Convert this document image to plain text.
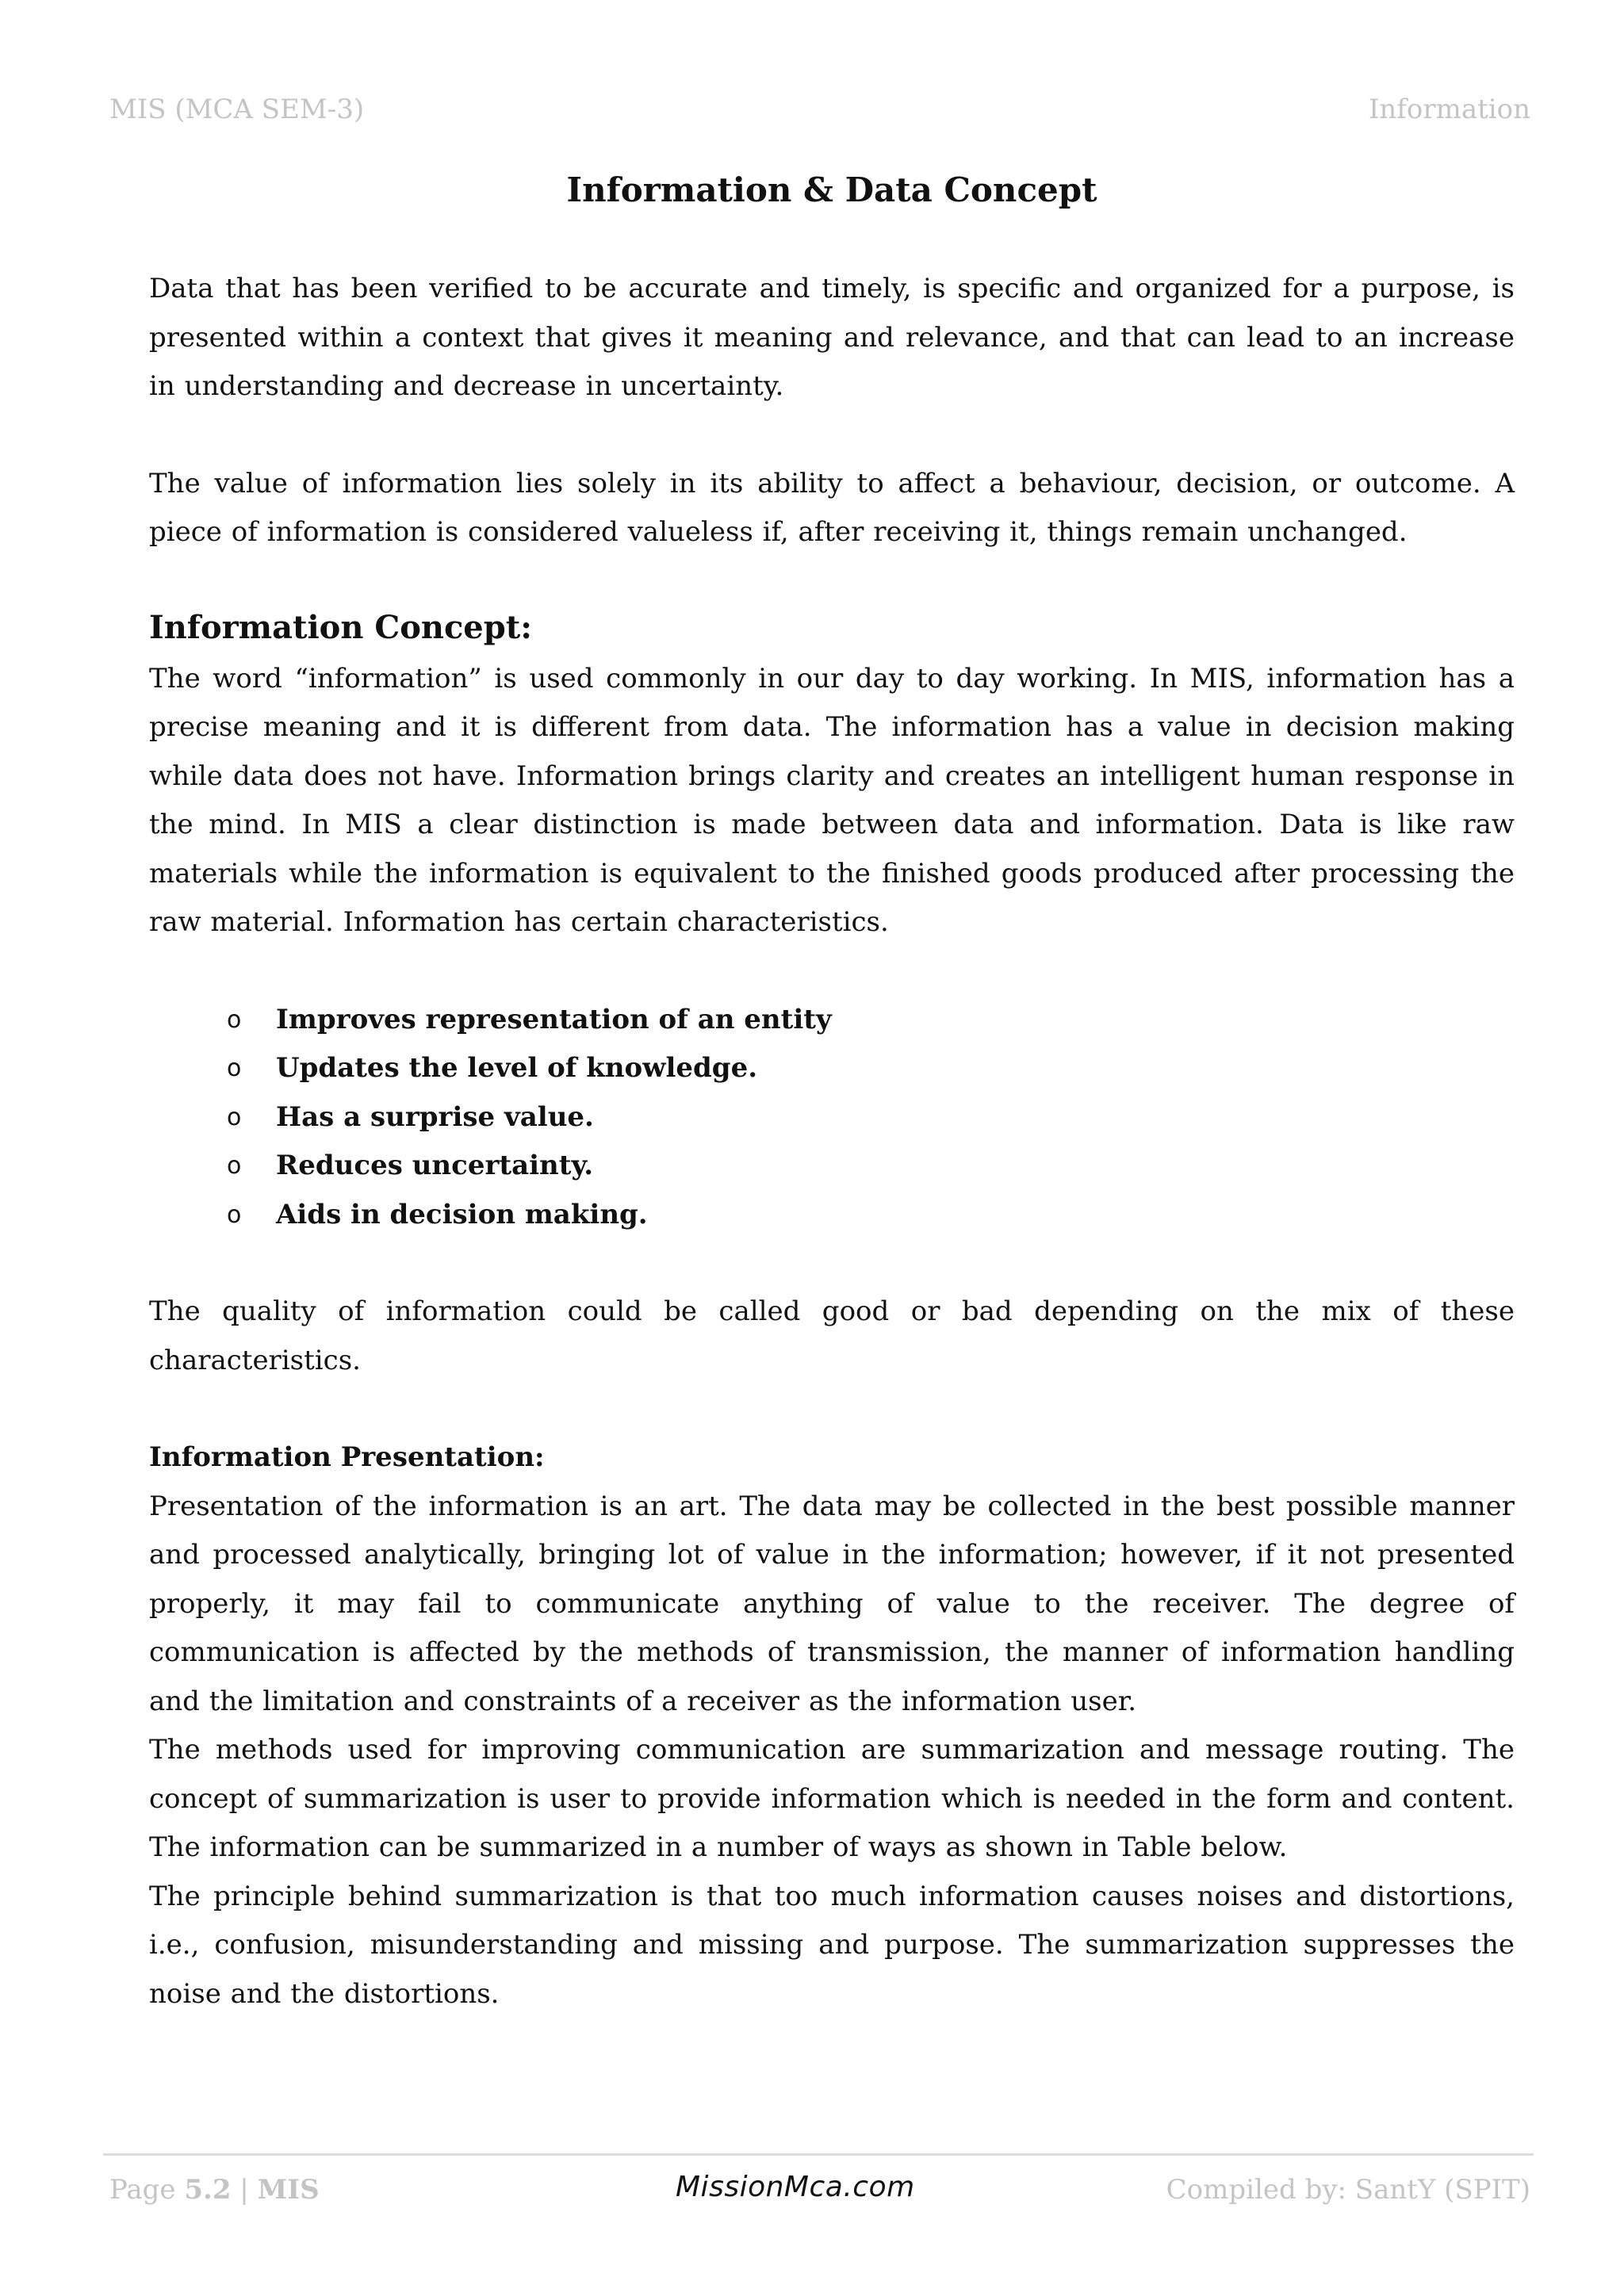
MIS (MCA SEM-3)	Information
Information & Data Concept

Data that has been verified to be accurate and timely, is specific and organized for a purpose, is presented within a context that gives it meaning and relevance, and that can lead to an increase in understanding and decrease in uncertainty.

The value of information lies solely in its ability to affect a behaviour, decision, or outcome. A piece of information is considered valueless if, after receiving it, things remain unchanged.

Information Concept:

The word “information” is used commonly in our day to day working. In MIS, information has a precise meaning and it is different from data. The information has a value in decision making while data does not have. Information brings clarity and creates an intelligent human response in the mind. In MIS a clear distinction is made between data and information. Data is like raw materials while the information is equivalent to the finished goods produced after processing the raw material. Information has certain characteristics.

o Improves representation of an entity
o Updates the level of knowledge.
o Has a surprise value.
o Reduces uncertainty.
o Aids in decision making.

The quality of information could be called good or bad depending on the mix of these characteristics.

Information Presentation:

Presentation of the information is an art. The data may be collected in the best possible manner and processed analytically, bringing lot of value in the information; however, if it not presented properly, it may fail to communicate anything of value to the receiver. The degree of communication is affected by the methods of transmission, the manner of information handling and the limitation and constraints of a receiver as the information user.

The methods used for improving communication are summarization and message routing. The concept of summarization is user to provide information which is needed in the form and content. The information can be summarized in a number of ways as shown in Table below.

The principle behind summarization is that too much information causes noises and distortions, i.e., confusion, misunderstanding and missing and purpose. The summarization suppresses the noise and the distortions.

Page 5.2 | MIS	MissionMca.com	Compiled by: SantY (SPIT)
